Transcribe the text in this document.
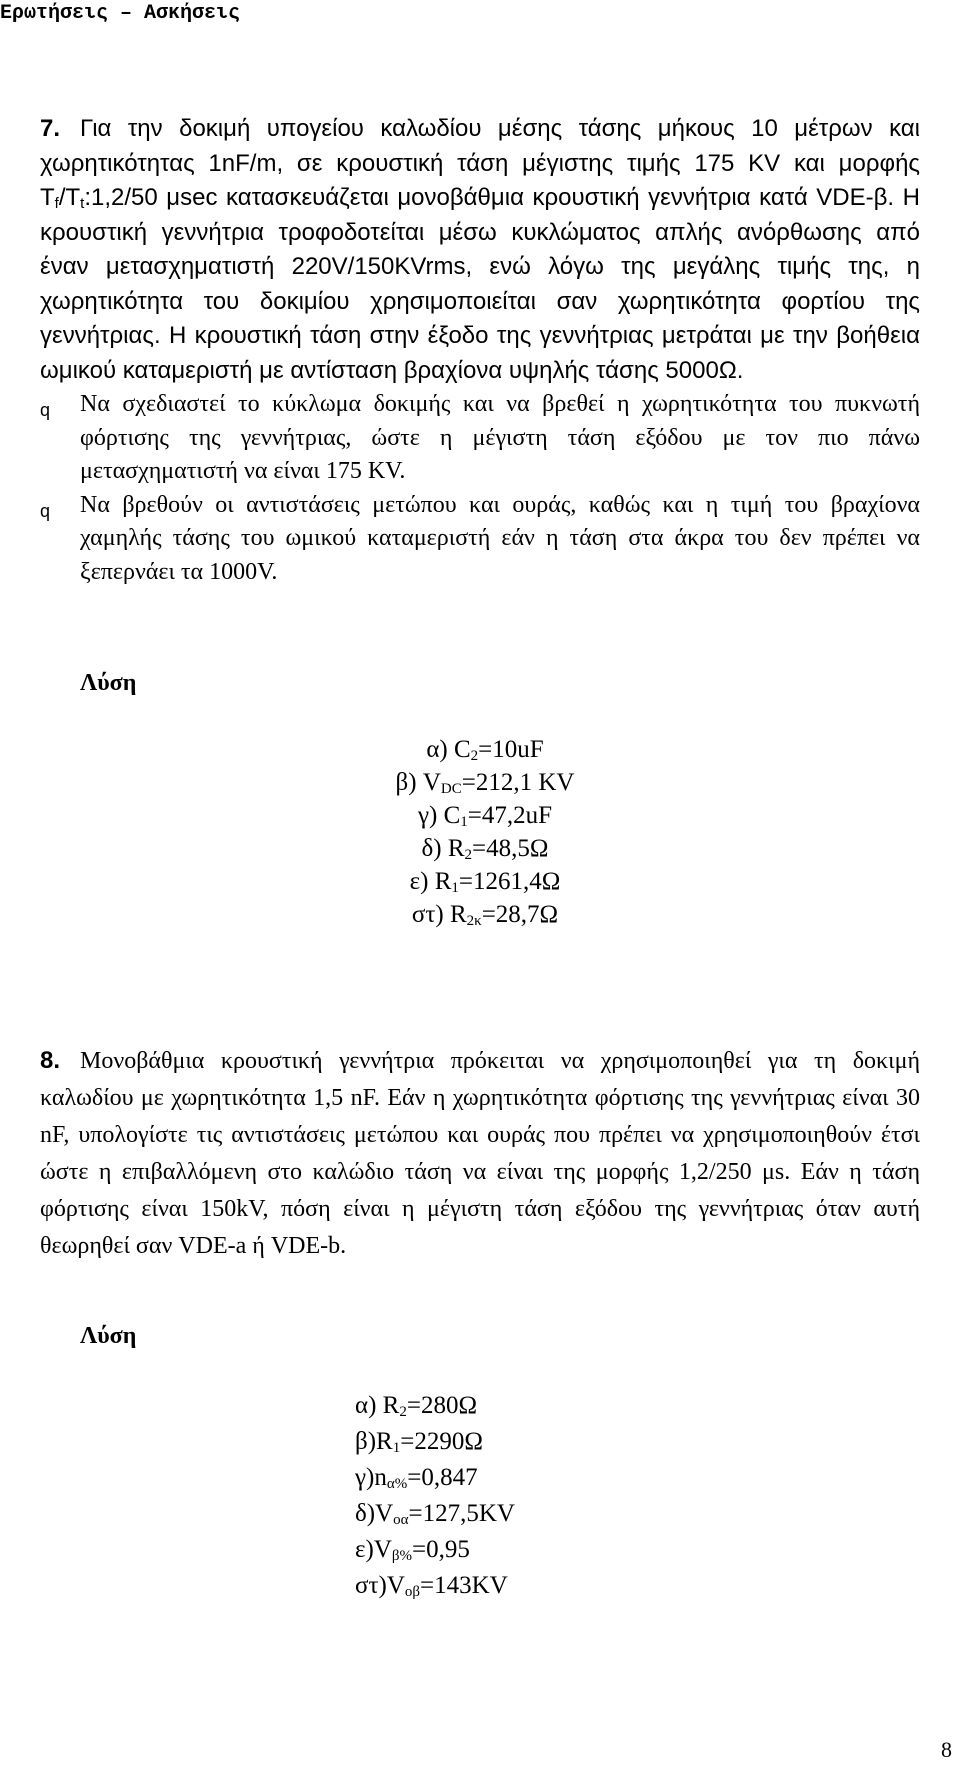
Ερωτήσεις – Ασκήσεις

7. Για την δοκιμή υπογείου καλωδίου μέσης τάσης μήκους 10 μέτρων και χωρητικότητας 1nF/m, σε κρουστική τάση μέγιστης τιμής 175 KV και μορφής $T_f/T_t:1,2/50$ μsec κατασκευάζεται μονοβάθμια κρουστική γεννήτρια κατά VDE-β. Η κρουστική γεννήτρια τροφοδοτείται μέσω κυκλώματος απλής ανόρθωσης από έναν μετασχηματιστή 220V/150KVrms, ενώ λόγω της μεγάλης τιμής της, η χωρητικότητα του δοκιμίου χρησιμοποιείται σαν χωρητικότητα φορτίου της γεννήτριας. Η κρουστική τάση στην έξοδο της γεννήτριας μετράται με την βοήθεια ωμικού καταμεριστή με αντίσταση βραχίονα υψηλής τάσης 5000Ω.

q Να σχεδιαστεί το κύκλωμα δοκιμής και να βρεθεί η χωρητικότητα του πυκνωτή φόρτισης της γεννήτριας, ώστε η μέγιστη τάση εξόδου με τον πιο πάνω μετασχηματιστή να είναι 175 KV.

q Να βρεθούν οι αντιστάσεις μετώπου και ουράς, καθώς και η τιμή του βραχίονα χαμηλής τάσης του ωμικού καταμεριστή εάν η τάση στα άκρα του δεν πρέπει να ξεπερνάει τα 1000V.

Λύση
α) $C_2=10uF$
β) $V_{DC}=212,1$ KV
γ) $C_1=47,2uF$
δ) $R_2=48,5\Omega$
ε) $R_1=1261,4\Omega$
στ) $R_{2\kappa}=28,7\Omega$

8. Μονοβάθμια κρουστική γεννήτρια πρόκειται να χρησιμοποιηθεί για τη δοκιμή καλωδίου με χωρητικότητα 1,5 nF. Εάν η χωρητικότητα φόρτισης της γεννήτριας είναι 30 nF, υπολογίστε τις αντιστάσεις μετώπου και ουράς που πρέπει να χρησιμοποιηθούν έτσι ώστε η επιβαλλόμενη στο καλώδιο τάση να είναι της μορφής 1,2/250 μs. Εάν η τάση φόρτισης είναι 150kV, πόση είναι η μέγιστη τάση εξόδου της γεννήτριας όταν αυτή θεωρηθεί σαν VDE-a ή VDE-b.

Λύση
α) $R_2=280\Omega$
$\beta)R_1=2290\Omega$
$\gamma)n_{\alpha\%}=0,847$
$\delta)V_{o\alpha}=127,5KV$
$\varepsilon)V_{\beta\%}=0,95$
$\sigma\tau)V_{o\beta}=143KV$
8
